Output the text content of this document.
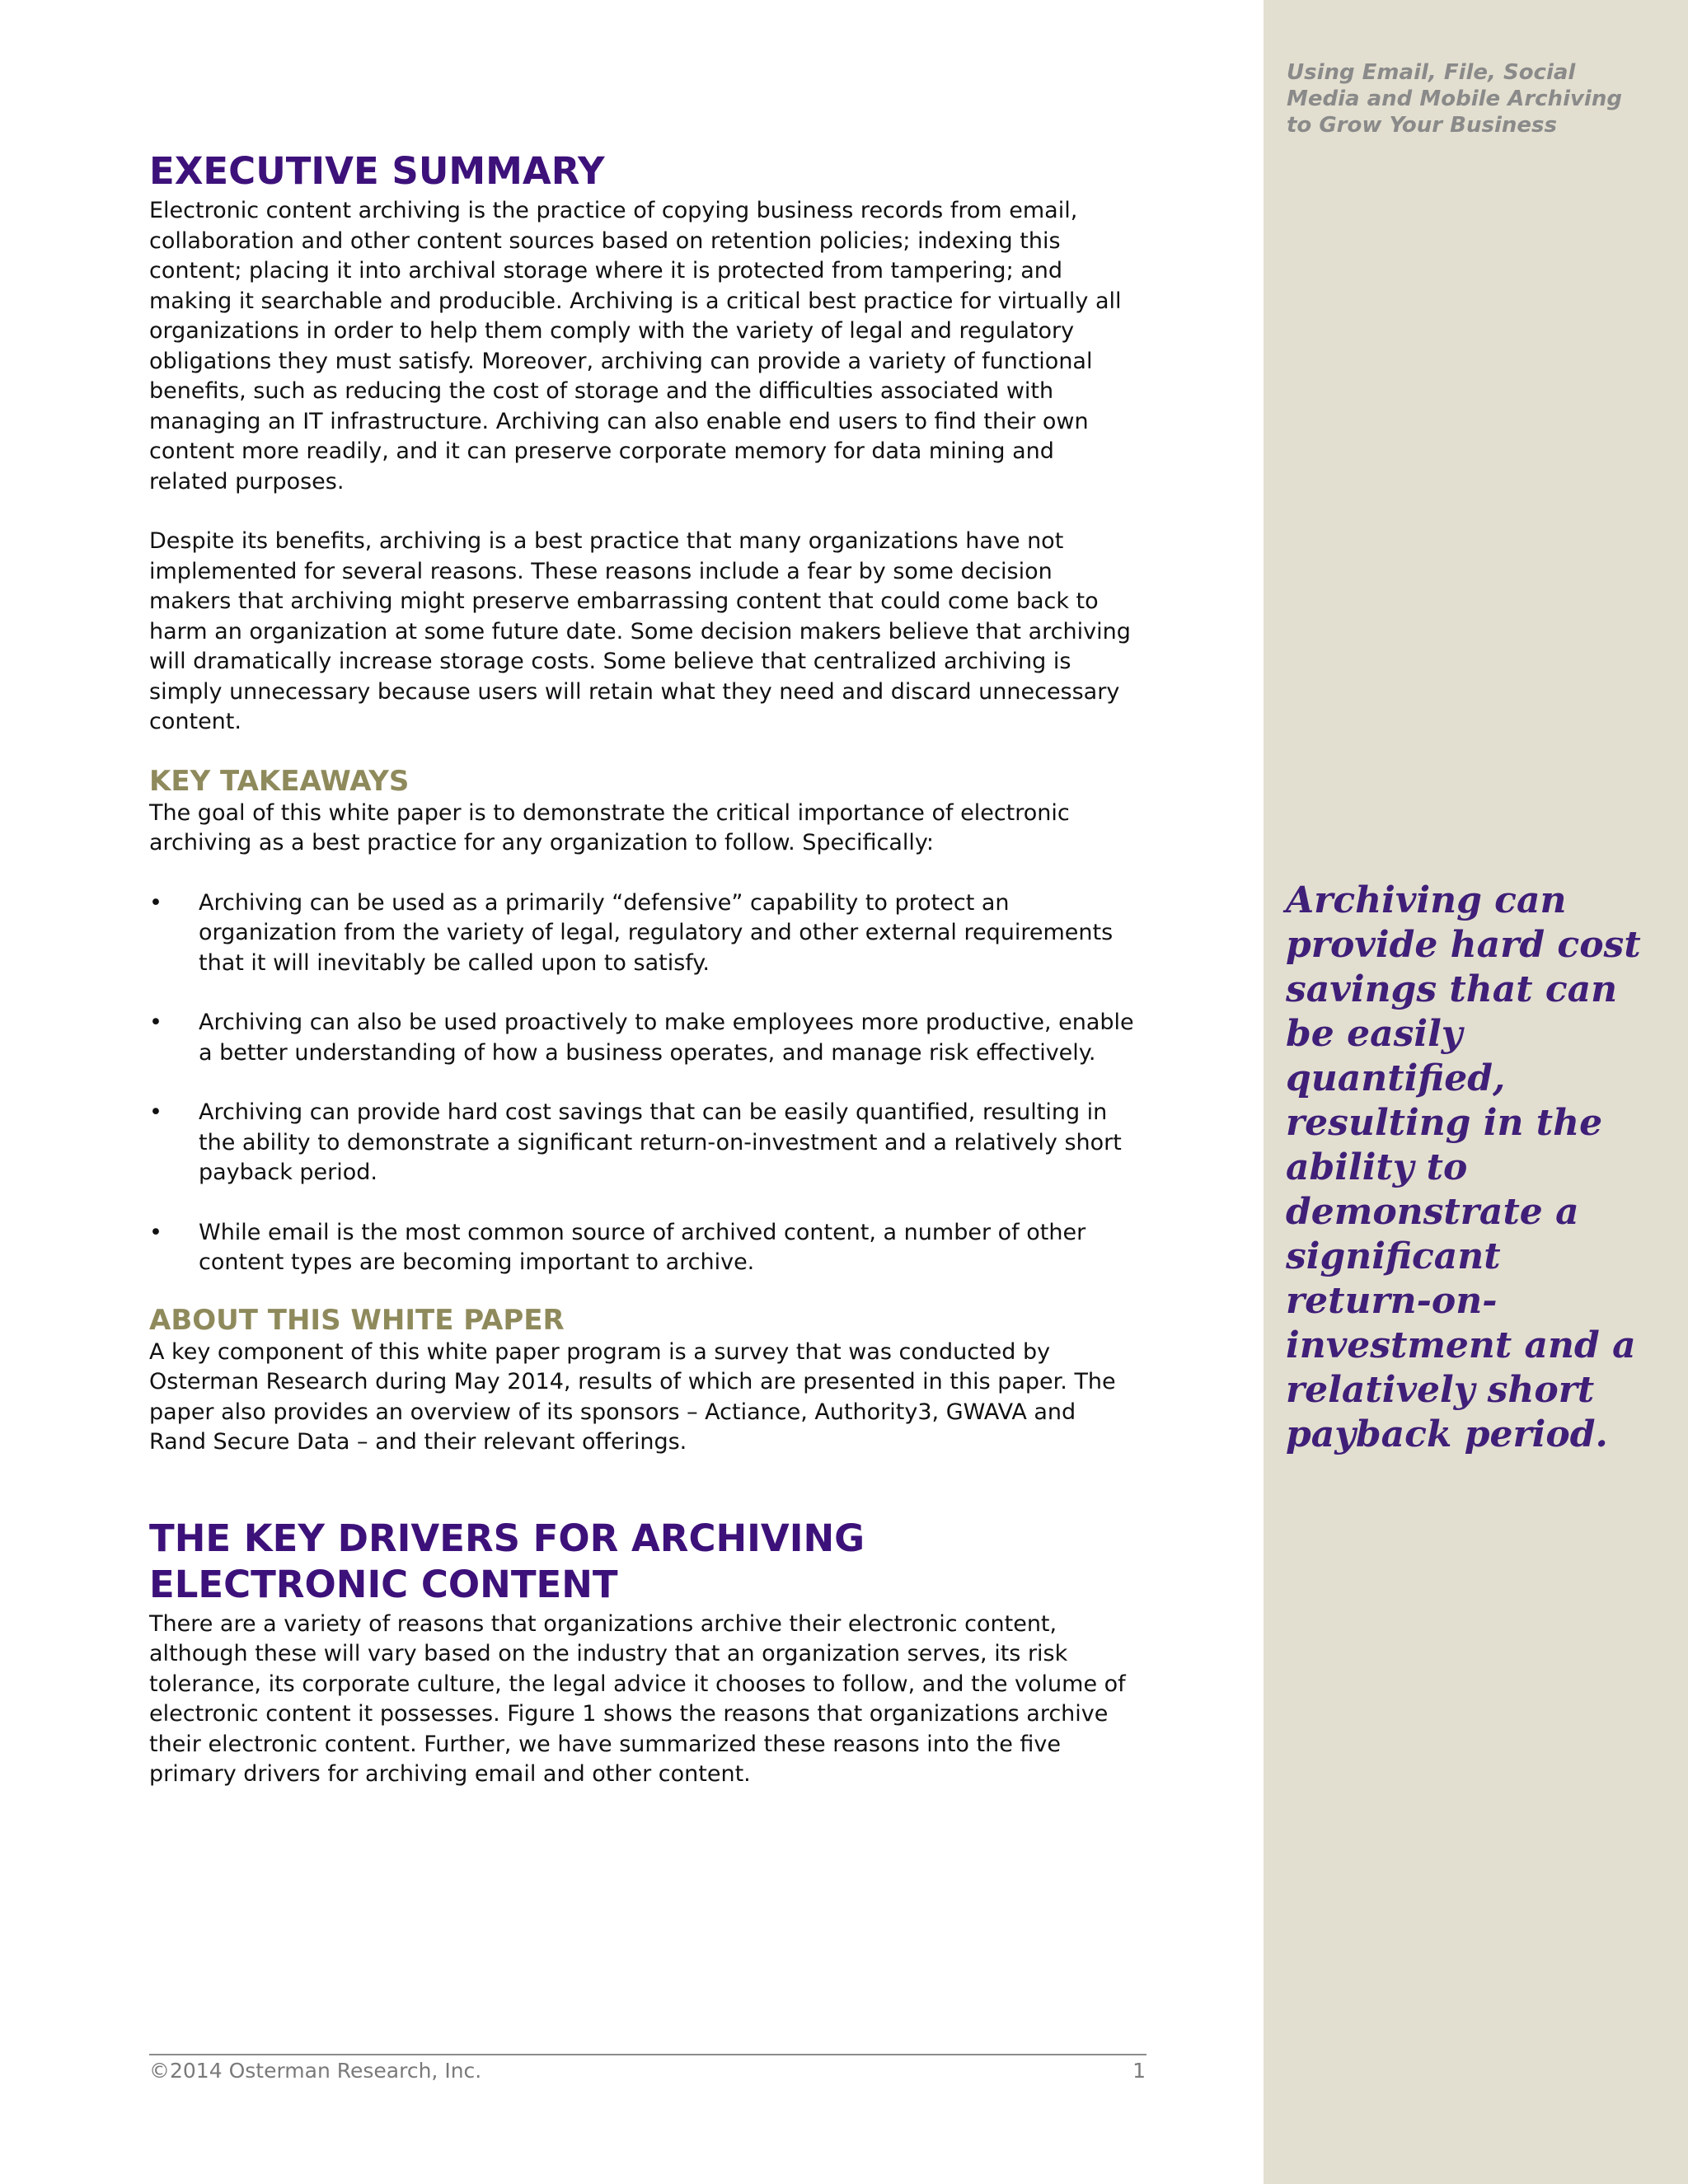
Using Email, File, Social Media and Mobile Archiving to Grow Your Business

Archiving can provide hard cost savings that can be easily quantified, resulting in the ability to demonstrate a significant return-on-investment and a relatively short payback period.

EXECUTIVE SUMMARY

Electronic content archiving is the practice of copying business records from email, collaboration and other content sources based on retention policies; indexing this content; placing it into archival storage where it is protected from tampering; and making it searchable and producible. Archiving is a critical best practice for virtually all organizations in order to help them comply with the variety of legal and regulatory obligations they must satisfy. Moreover, archiving can provide a variety of functional benefits, such as reducing the cost of storage and the difficulties associated with managing an IT infrastructure. Archiving can also enable end users to find their own content more readily, and it can preserve corporate memory for data mining and related purposes.

Despite its benefits, archiving is a best practice that many organizations have not implemented for several reasons. These reasons include a fear by some decision makers that archiving might preserve embarrassing content that could come back to harm an organization at some future date. Some decision makers believe that archiving will dramatically increase storage costs. Some believe that centralized archiving is simply unnecessary because users will retain what they need and discard unnecessary content.

KEY TAKEAWAYS

The goal of this white paper is to demonstrate the critical importance of electronic archiving as a best practice for any organization to follow. Specifically:

•	Archiving can be used as a primarily “defensive” capability to protect an organization from the variety of legal, regulatory and other external requirements that it will inevitably be called upon to satisfy.
•	Archiving can also be used proactively to make employees more productive, enable a better understanding of how a business operates, and manage risk effectively.
•	Archiving can provide hard cost savings that can be easily quantified, resulting in the ability to demonstrate a significant return-on-investment and a relatively short payback period.
•	While email is the most common source of archived content, a number of other content types are becoming important to archive.
ABOUT THIS WHITE PAPER

A key component of this white paper program is a survey that was conducted by Osterman Research during May 2014, results of which are presented in this paper. The paper also provides an overview of its sponsors – Actiance, Authority3, GWAVA and Rand Secure Data – and their relevant offerings.

THE KEY DRIVERS FOR ARCHIVING
ELECTRONIC CONTENT

There are a variety of reasons that organizations archive their electronic content, although these will vary based on the industry that an organization serves, its risk tolerance, its corporate culture, the legal advice it chooses to follow, and the volume of electronic content it possesses. Figure 1 shows the reasons that organizations archive their electronic content. Further, we have summarized these reasons into the five primary drivers for archiving email and other content.

©2014 Osterman Research, Inc.	1
